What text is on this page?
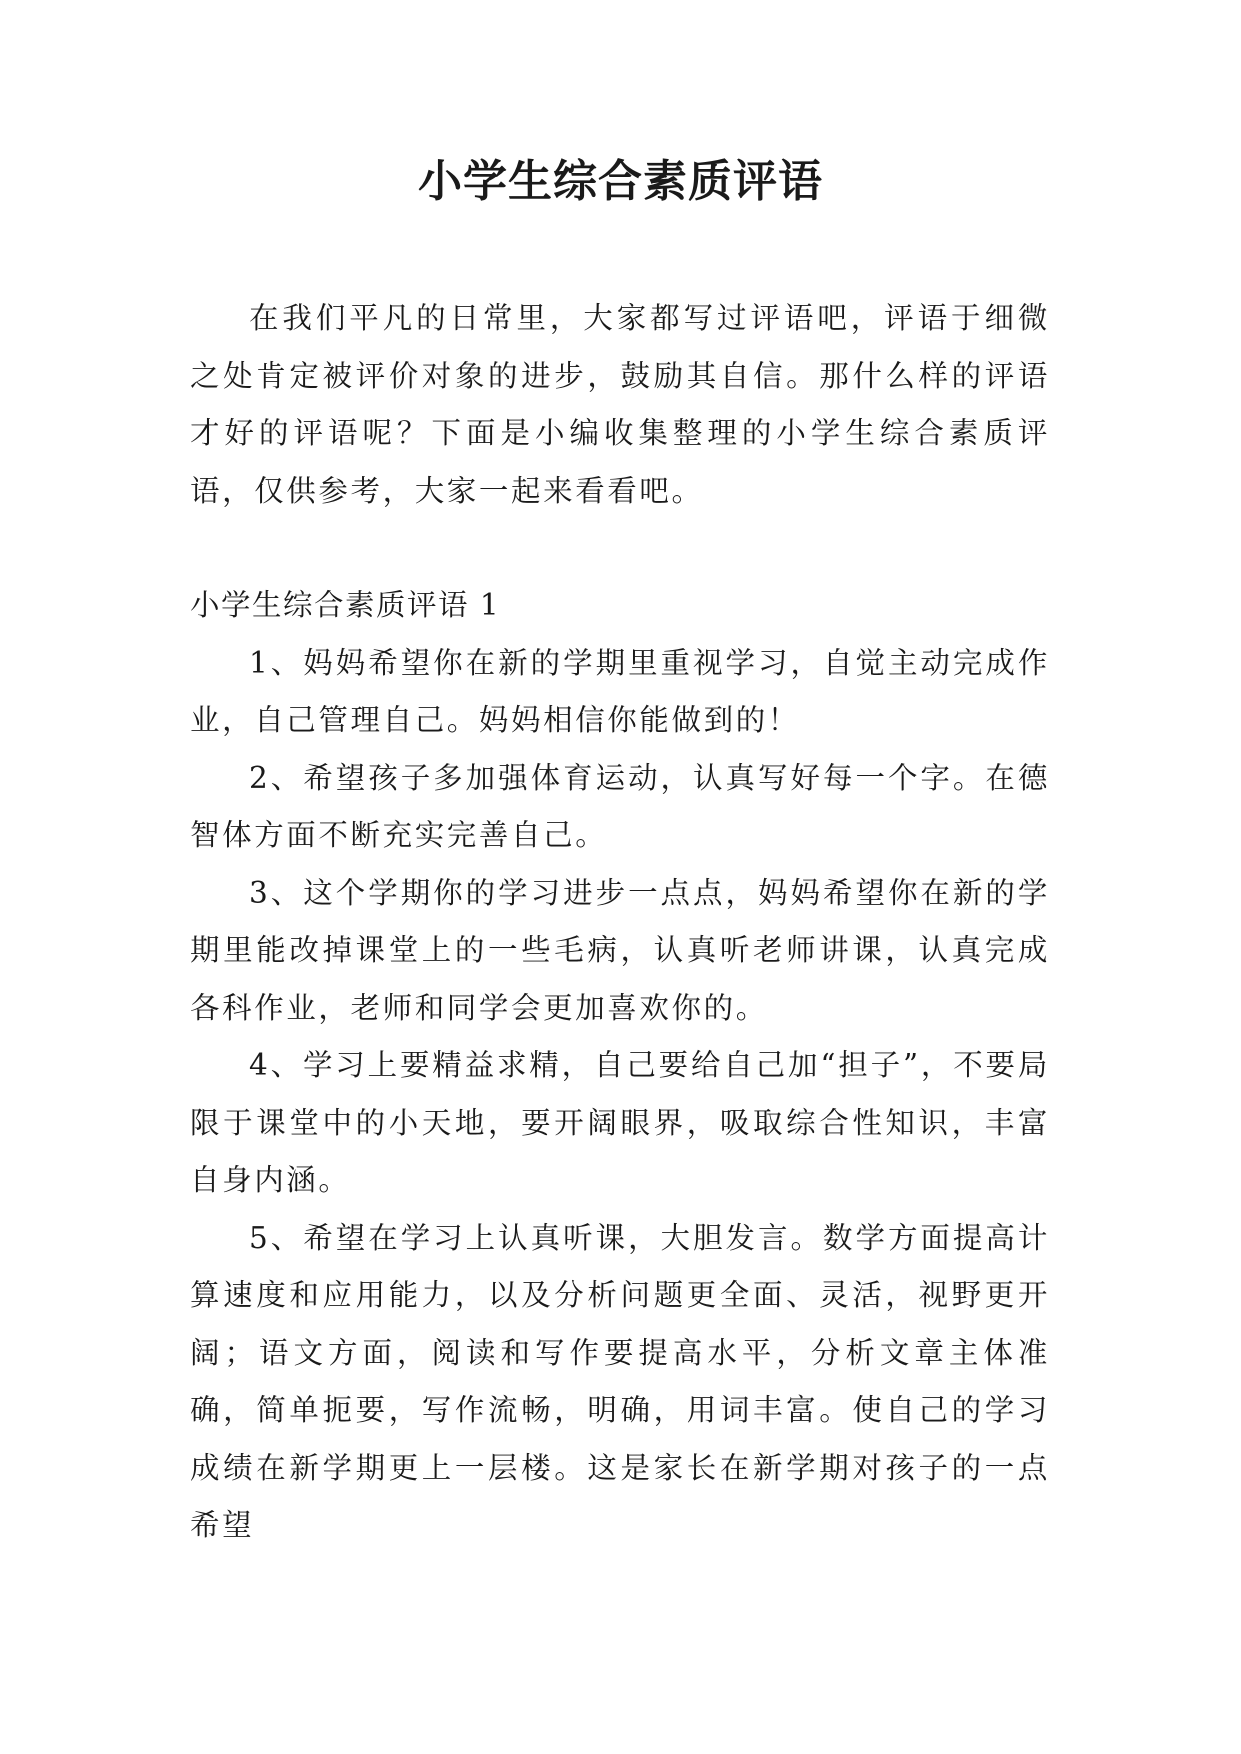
小学生综合素质评语

在我们平凡的日常里，大家都写过评语吧，评语于细微之处肯定被评价对象的进步，鼓励其自信。那什么样的评语才好的评语呢？下面是小编收集整理的小学生综合素质评语，仅供参考，大家一起来看看吧。

小学生综合素质评语 1

1、妈妈希望你在新的学期里重视学习，自觉主动完成作业，自己管理自己。妈妈相信你能做到的！

2、希望孩子多加强体育运动，认真写好每一个字。在德智体方面不断充实完善自己。

3、这个学期你的学习进步一点点，妈妈希望你在新的学期里能改掉课堂上的一些毛病，认真听老师讲课，认真完成各科作业，老师和同学会更加喜欢你的。

4、学习上要精益求精，自己要给自己加“担子”，不要局限于课堂中的小天地，要开阔眼界，吸取综合性知识，丰富自身内涵。

5、希望在学习上认真听课，大胆发言。数学方面提高计算速度和应用能力，以及分析问题更全面、灵活，视野更开阔；语文方面，阅读和写作要提高水平，分析文章主体准确，简单扼要，写作流畅，明确，用词丰富。使自己的学习成绩在新学期更上一层楼。这是家长在新学期对孩子的一点希望
